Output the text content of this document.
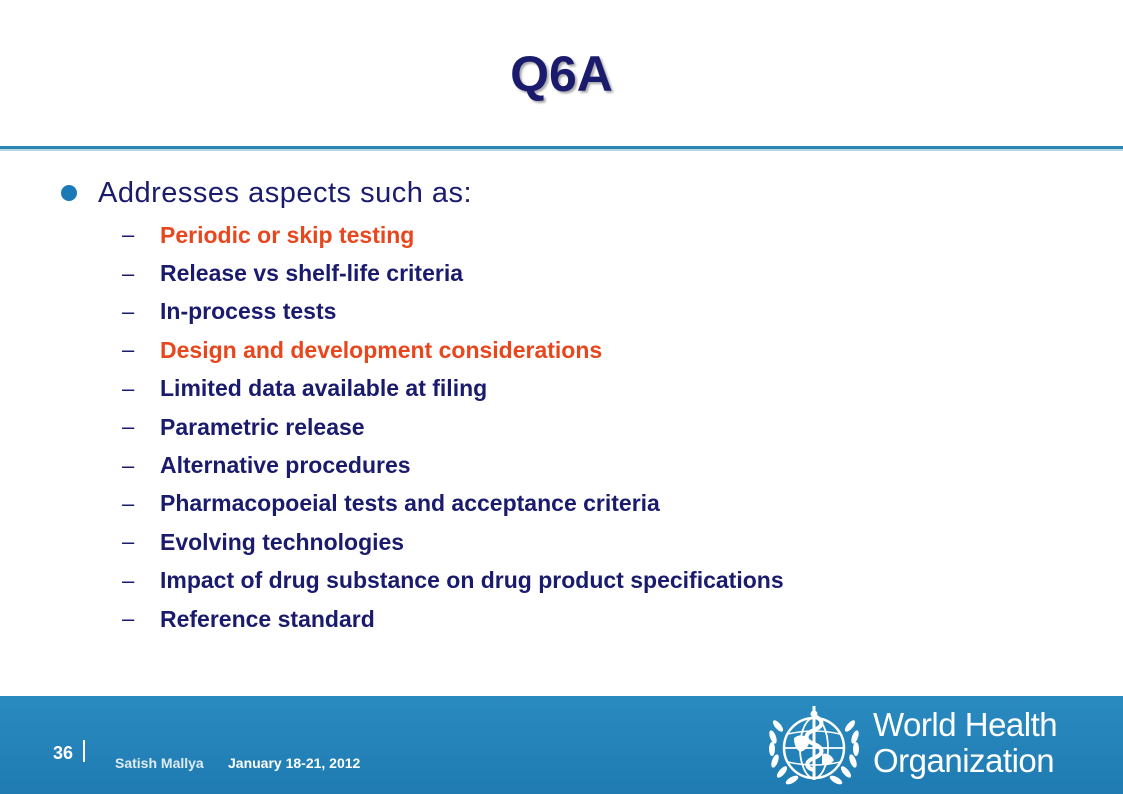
Q6A
Addresses aspects such as:
–	Periodic or skip testing
–	Release vs shelf-life criteria
–	In-process tests
–	Design and development considerations
–	Limited data available at filing
–	Parametric release
–	Alternative procedures
–	Pharmacopoeial tests and acceptance criteria
–	Evolving technologies
–	Impact of drug substance on drug product specifications
–	Reference standard
36	Satish Mallya January 18-21, 2012
World Health
Organization
